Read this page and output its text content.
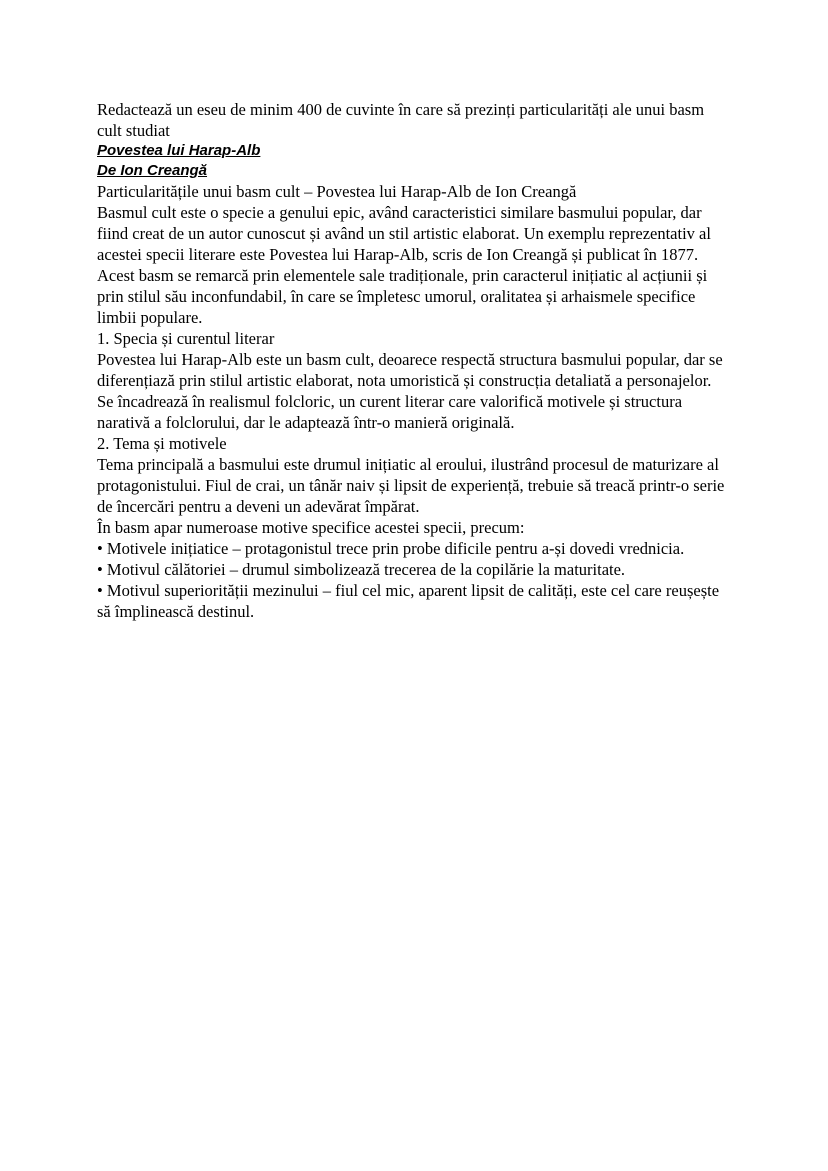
Redactează un eseu de minim 400 de cuvinte în care să prezinți particularități ale unui basm cult studiat

Povestea lui Harap-Alb

De Ion Creangă

Particularitățile unui basm cult – Povestea lui Harap-Alb de Ion Creangă

Basmul cult este o specie a genului epic, având caracteristici similare basmului popular, dar fiind creat de un autor cunoscut și având un stil artistic elaborat. Un exemplu reprezentativ al acestei specii literare este Povestea lui Harap-Alb, scris de Ion Creangă și publicat în 1877. Acest basm se remarcă prin elementele sale tradiționale, prin caracterul inițiatic al acțiunii și prin stilul său inconfundabil, în care se împletesc umorul, oralitatea și arhaismele specifice limbii populare.

1. Specia și curentul literar

Povestea lui Harap-Alb este un basm cult, deoarece respectă structura basmului popular, dar se diferențiază prin stilul artistic elaborat, nota umoristică și construcția detaliată a personajelor. Se încadrează în realismul folcloric, un curent literar care valorifică motivele și structura narativă a folclorului, dar le adaptează într-o manieră originală.

2. Tema și motivele

Tema principală a basmului este drumul inițiatic al eroului, ilustrând procesul de maturizare al protagonistului. Fiul de crai, un tânăr naiv și lipsit de experiență, trebuie să treacă printr-o serie de încercări pentru a deveni un adevărat împărat.

În basm apar numeroase motive specifice acestei specii, precum:

• Motivele inițiatice – protagonistul trece prin probe dificile pentru a-și dovedi vrednicia.

• Motivul călătoriei – drumul simbolizează trecerea de la copilărie la maturitate.

• Motivul superiorității mezinului – fiul cel mic, aparent lipsit de calități, este cel care reușește să împlinească destinul.
